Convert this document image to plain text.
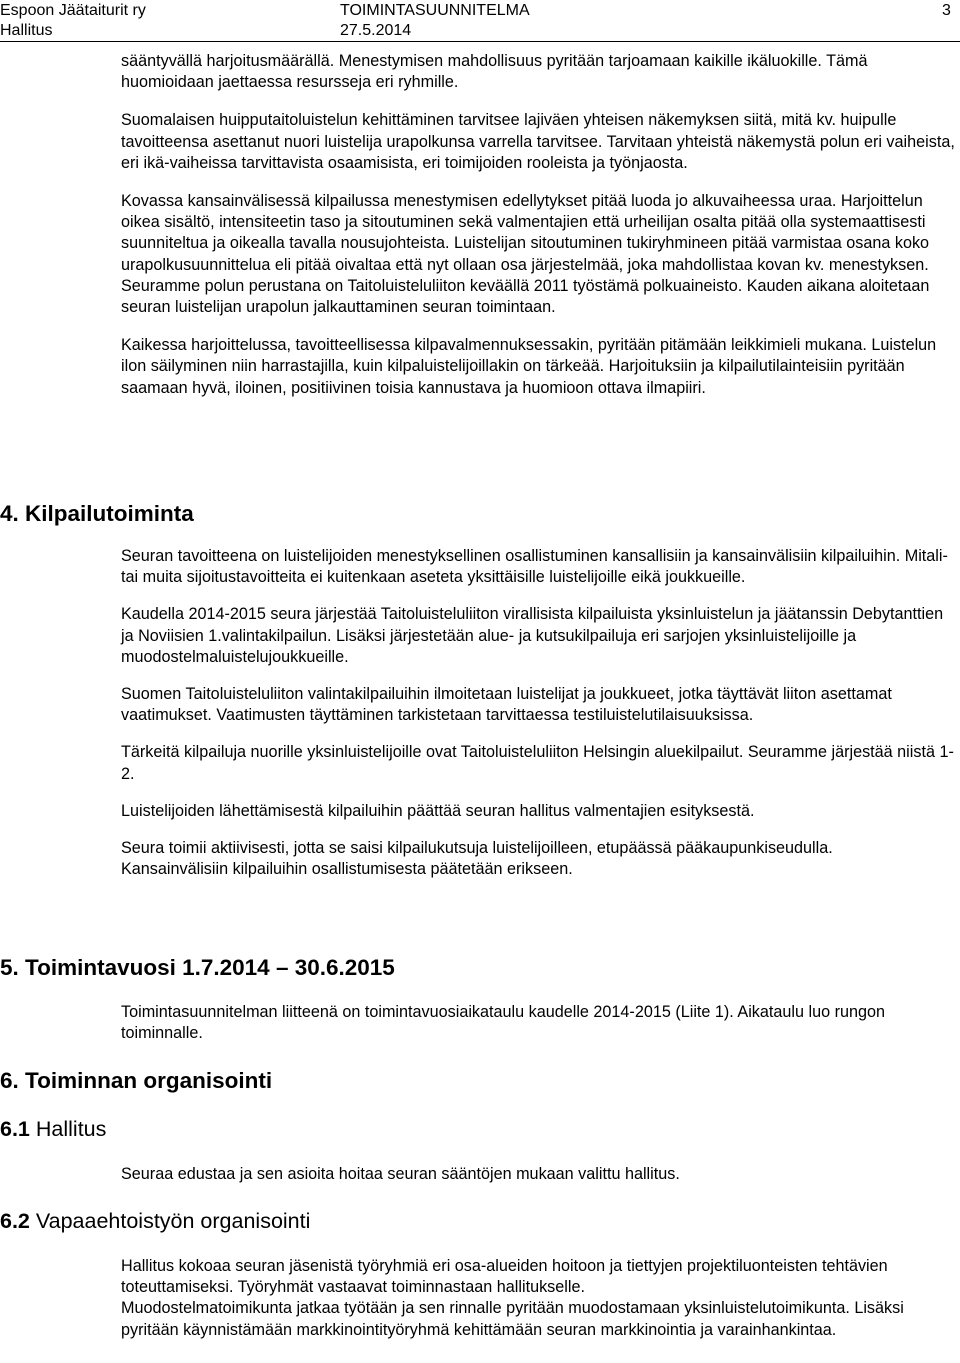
Espoon Jäätaiturit ry
Hallitus
TOIMINTASUUNNITELMA
27.5.2014
3

sääntyvällä harjoitusmäärällä. Menestymisen mahdollisuus pyritään tarjoamaan kaikille ikäluokille. Tämä huomioidaan jaettaessa resursseja eri ryhmille.

Suomalaisen huipputaitoluistelun kehittäminen tarvitsee lajiväen yhteisen näkemyksen siitä, mitä kv. huipulle tavoitteensa asettanut nuori luistelija urapolkunsa varrella tarvitsee. Tarvitaan yhteistä näkemystä polun eri vaiheista, eri ikä-vaiheissa tarvittavista osaamisista, eri toimijoiden rooleista ja työnjaosta.

Kovassa kansainvälisessä kilpailussa menestymisen edellytykset pitää luoda jo alkuvaiheessa uraa. Harjoittelun oikea sisältö, intensiteetin taso ja sitoutuminen sekä valmentajien että urheilijan osalta pitää olla systemaattisesti suunniteltua ja oikealla tavalla nousujohteista. Luistelijan sitoutuminen tukiryhmineen pitää varmistaa osana koko urapolkusuunnittelua eli pitää oivaltaa että nyt ollaan osa järjestelmää, joka mahdollistaa kovan kv. menestyksen. Seuramme polun perustana on Taitoluisteluliiton keväällä 2011 työstämä polkuaineisto. Kauden aikana aloitetaan seuran luistelijan urapolun jalkauttaminen seuran toimintaan.

Kaikessa harjoittelussa, tavoitteellisessa kilpavalmennuksessakin, pyritään pitämään leikkimieli mukana. Luistelun ilon säilyminen niin harrastajilla, kuin kilpaluistelijoillakin on tärkeää. Harjoituksiin ja kilpailutilainteisiin pyritään saamaan hyvä, iloinen, positiivinen toisia kannustava ja huomioon ottava ilmapiiri.

4. Kilpailutoiminta

Seuran tavoitteena on luistelijoiden menestyksellinen osallistuminen kansallisiin ja kansainvälisiin kilpailuihin. Mitali- tai muita sijoitustavoitteita ei kuitenkaan aseteta yksittäisille luistelijoille eikä joukkueille.

Kaudella 2014-2015 seura järjestää Taitoluisteluliiton virallisista kilpailuista yksinluistelun ja jäätanssin Debytanttien ja Noviisien 1.valintakilpailun. Lisäksi järjestetään alue- ja kutsukilpailuja eri sarjojen yksinluistelijoille ja muodostelmaluistelujoukkueille.

Suomen Taitoluisteluliiton valintakilpailuihin ilmoitetaan luistelijat ja joukkueet, jotka täyttävät liiton asettamat vaatimukset. Vaatimusten täyttäminen tarkistetaan tarvittaessa testiluistelutilaisuuksissa.

Tärkeitä kilpailuja nuorille yksinluistelijoille ovat Taitoluisteluliiton Helsingin aluekilpailut. Seuramme järjestää niistä 1-2.

Luistelijoiden lähettämisestä kilpailuihin päättää seuran hallitus valmentajien esityksestä.

Seura toimii aktiivisesti, jotta se saisi kilpailukutsuja luistelijoilleen, etupäässä pääkaupunkiseudulla.

Kansainvälisiin kilpailuihin osallistumisesta päätetään erikseen.

5. Toimintavuosi 1.7.2014 – 30.6.2015

Toimintasuunnitelman liitteenä on toimintavuosiaikataulu kaudelle 2014-2015 (Liite 1). Aikataulu luo rungon toiminnalle.

6. Toiminnan organisointi
6.1 Hallitus

Seuraa edustaa ja sen asioita hoitaa seuran sääntöjen mukaan valittu hallitus.

6.2 Vapaaehtoistyön organisointi

Hallitus kokoaa seuran jäsenistä työryhmiä eri osa-alueiden hoitoon ja tiettyjen projektiluonteisten tehtävien toteuttamiseksi. Työryhmät vastaavat toiminnastaan hallitukselle.

Muodostelmatoimikunta jatkaa työtään ja sen rinnalle pyritään muodostamaan yksinluistelutoimikunta. Lisäksi pyritään käynnistämään markkinointityöryhmä kehittämään seuran markkinointia ja varainhankintaa.
